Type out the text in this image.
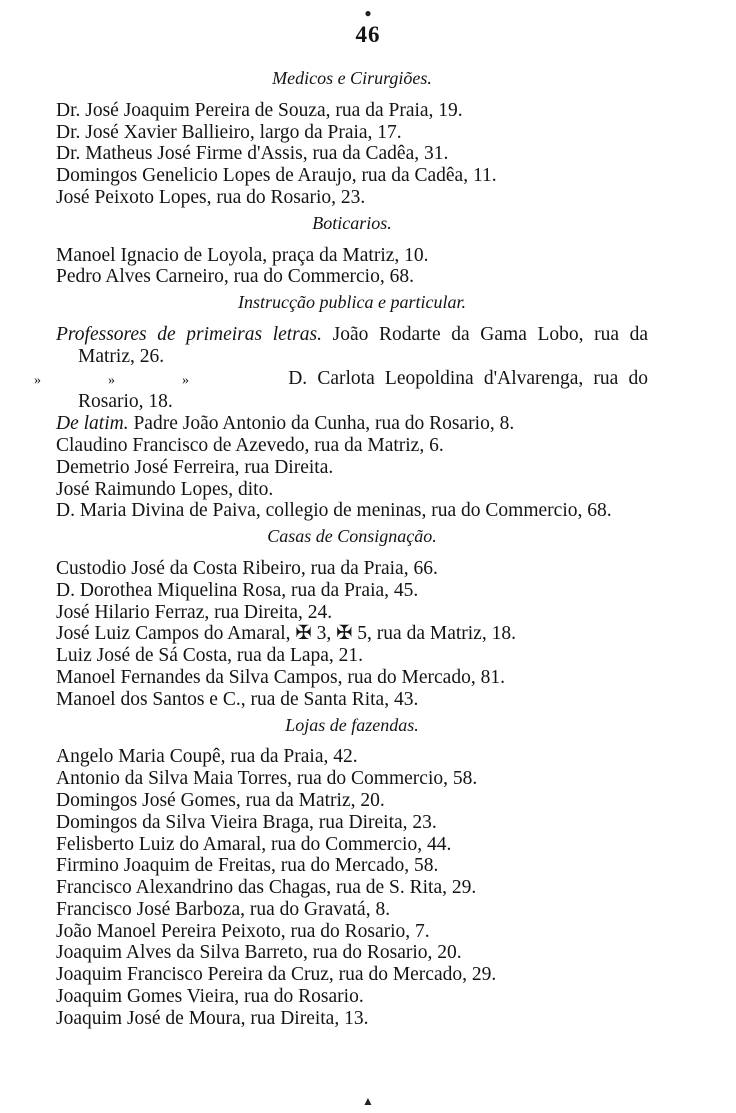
●
46
Medicos e Cirurgiões.
Dr. José Joaquim Pereira de Souza, rua da Praia, 19.
Dr. José Xavier Ballieiro, largo da Praia, 17.
Dr. Matheus José Firme d'Assis, rua da Cadêa, 31.
Domingos Genelicio Lopes de Araujo, rua da Cadêa, 11.
José Peixoto Lopes, rua do Rosario, 23.
Boticarios.
Manoel Ignacio de Loyola, praça da Matriz, 10.
Pedro Alves Carneiro, rua do Commercio, 68.
Instrucção publica e particular.
Professores de primeiras letras. João Rodarte da Gama Lobo, rua da Matriz, 26.
»	»	»	D. Carlota Leopoldina d'Alvarenga, rua do Rosario, 18.
De latim. Padre João Antonio da Cunha, rua do Rosario, 8.
Claudino Francisco de Azevedo, rua da Matriz, 6.
Demetrio José Ferreira, rua Direita.
José Raimundo Lopes, dito.
D. Maria Divina de Paiva, collegio de meninas, rua do Commercio, 68.
Casas de Consignação.
Custodio José da Costa Ribeiro, rua da Praia, 66.
D. Dorothea Miquelina Rosa, rua da Praia, 45.
José Hilario Ferraz, rua Direita, 24.
José Luiz Campos do Amaral, ✠ 3, ✠ 5, rua da Matriz, 18.
Luiz José de Sá Costa, rua da Lapa, 21.
Manoel Fernandes da Silva Campos, rua do Mercado, 81.
Manoel dos Santos e C., rua de Santa Rita, 43.
Lojas de fazendas.
Angelo Maria Coupê, rua da Praia, 42.
Antonio da Silva Maia Torres, rua do Commercio, 58.
Domingos José Gomes, rua da Matriz, 20.
Domingos da Silva Vieira Braga, rua Direita, 23.
Felisberto Luiz do Amaral, rua do Commercio, 44.
Firmino Joaquim de Freitas, rua do Mercado, 58.
Francisco Alexandrino das Chagas, rua de S. Rita, 29.
Francisco José Barboza, rua do Gravatá, 8.
João Manoel Pereira Peixoto, rua do Rosario, 7.
Joaquim Alves da Silva Barreto, rua do Rosario, 20.
Joaquim Francisco Pereira da Cruz, rua do Mercado, 29.
Joaquim Gomes Vieira, rua do Rosario.
Joaquim José de Moura, rua Direita, 13.
▲
